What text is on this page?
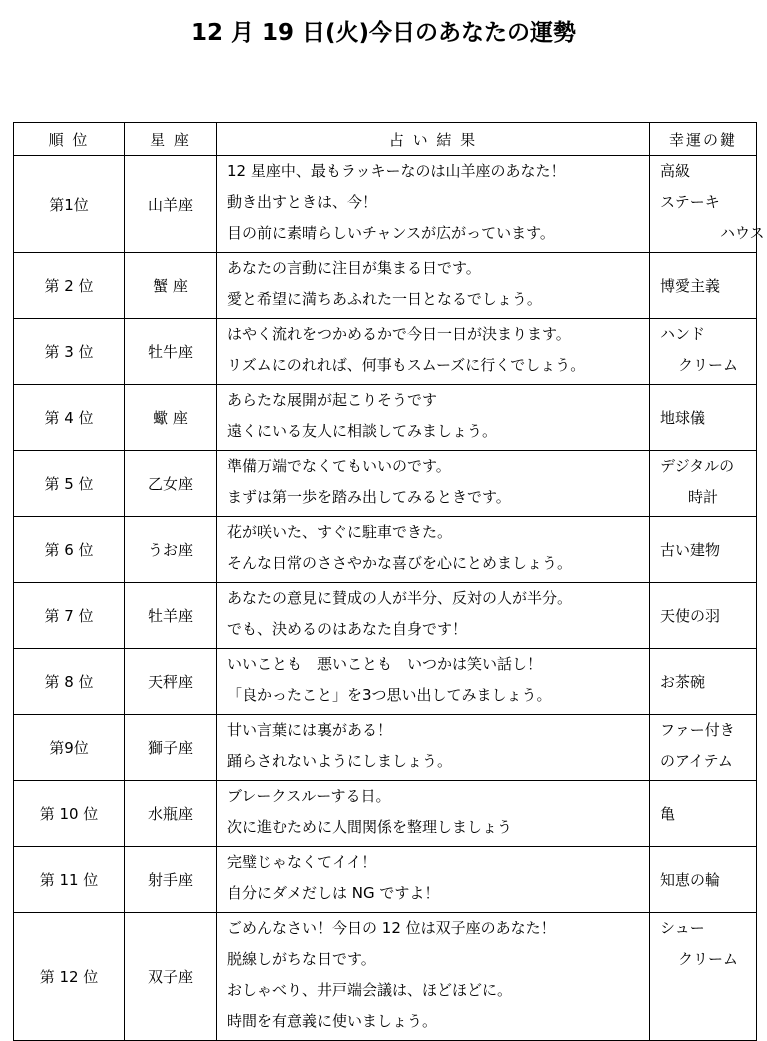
12 月 19 日(火)今日のあなたの運勢
順 位	星 座	占 い 結 果	幸運の鍵
第1位	山羊座	12 星座中、最もラッキーなのは山羊座のあなた！
動き出すときは、今！
目の前に素晴らしいチャンスが広がっています。	高級
ステーキ
ハウス

第 2 位	蟹 座	あなたの言動に注目が集まる日です。
愛と希望に満ちあふれた一日となるでしょう。	博愛主義
第 3 位	牡牛座	はやく流れをつかめるかで今日一日が決まります。
リズムにのれれば、何事もスムーズに行くでしょう。	ハンド
クリーム

第 4 位	蠍 座	あらたな展開が起こりそうです
遠くにいる友人に相談してみましょう。	地球儀
第 5 位	乙女座	準備万端でなくてもいいのです。
まずは第一歩を踏み出してみるときです。	デジタルの
時計

第 6 位	うお座	花が咲いた、すぐに駐車できた。
そんな日常のささやかな喜びを心にとめましょう。	古い建物
第 7 位	牡羊座	あなたの意見に賛成の人が半分、反対の人が半分。
でも、決めるのはあなた自身です！	天使の羽
第 8 位	天秤座	いいことも　悪いことも　いつかは笑い話し！
「良かったこと」を3つ思い出してみましょう。	お茶碗
第9位	獅子座	甘い言葉には裏がある！
踊らされないようにしましょう。	ファー付き
のアイテム

第 10 位	水瓶座	ブレークスルーする日。
次に進むために人間関係を整理しましょう	亀
第 11 位	射手座	完璧じゃなくてイイ！
自分にダメだしは NG ですよ！	知恵の輪
第 12 位	双子座	ごめんなさい！今日の 12 位は双子座のあなた！
脱線しがちな日です。
おしゃべり、井戸端会議は、ほどほどに。
時間を有意義に使いましょう。	シュー
クリーム
